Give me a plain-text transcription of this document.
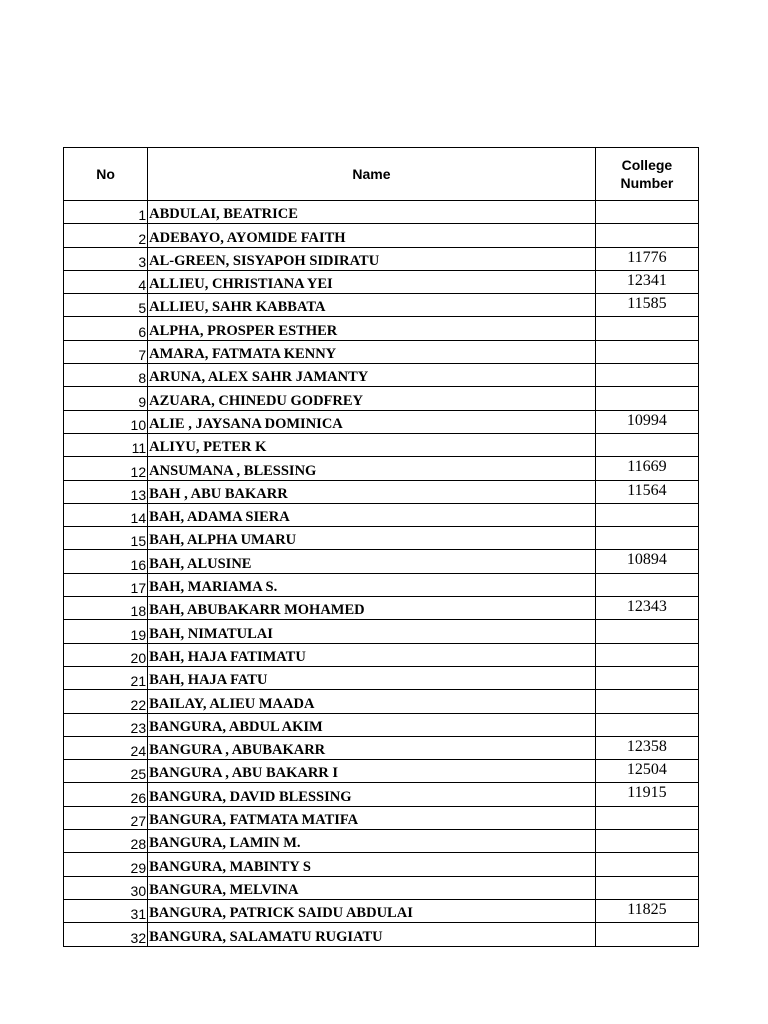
No	Name	College
Number

1	ABDULAI, BEATRICE	
2	ADEBAYO, AYOMIDE FAITH	
3	AL-GREEN, SISYAPOH SIDIRATU	11776
4	ALLIEU, CHRISTIANA YEI	12341
5	ALLIEU, SAHR KABBATA	11585
6	ALPHA, PROSPER ESTHER	
7	AMARA, FATMATA KENNY	
8	ARUNA, ALEX SAHR JAMANTY	
9	AZUARA, CHINEDU GODFREY	
10	ALIE , JAYSANA DOMINICA	10994
11	ALIYU, PETER K	
12	ANSUMANA , BLESSING	11669
13	BAH , ABU BAKARR	11564
14	BAH, ADAMA SIERA	
15	BAH, ALPHA UMARU	
16	BAH, ALUSINE	10894
17	BAH, MARIAMA S.	
18	BAH, ABUBAKARR MOHAMED	12343
19	BAH, NIMATULAI	
20	BAH, HAJA FATIMATU	
21	BAH, HAJA FATU	
22	BAILAY, ALIEU MAADA	
23	BANGURA, ABDUL AKIM	
24	BANGURA , ABUBAKARR	12358
25	BANGURA , ABU BAKARR I	12504
26	BANGURA, DAVID BLESSING	11915
27	BANGURA, FATMATA MATIFA	
28	BANGURA, LAMIN M.	
29	BANGURA, MABINTY S	
30	BANGURA, MELVINA	
31	BANGURA, PATRICK SAIDU ABDULAI	11825
32	BANGURA, SALAMATU RUGIATU	
